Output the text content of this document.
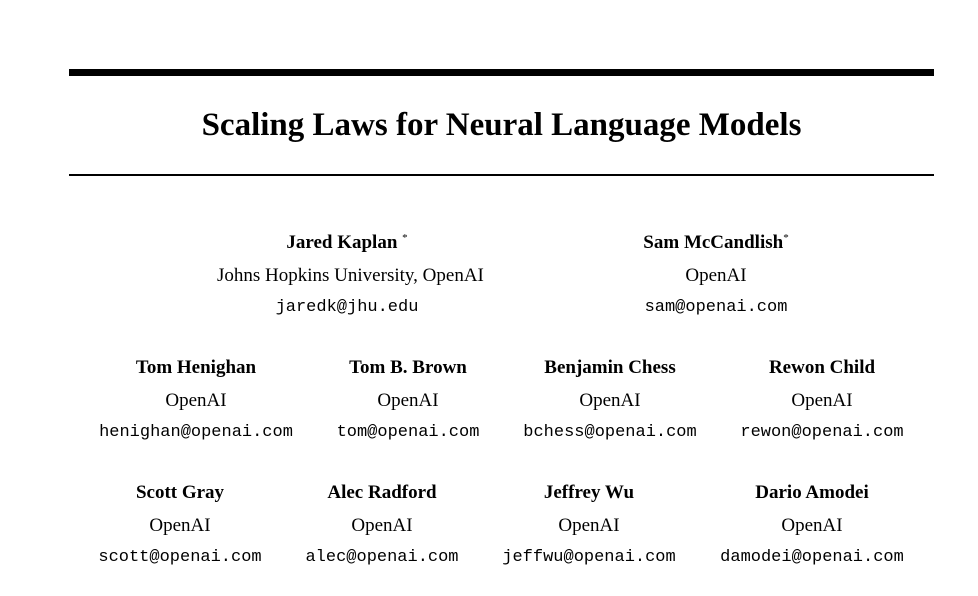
Scaling Laws for Neural Language Models
Jared Kaplan *
Johns Hopkins University, OpenAI
jaredk@jhu.edu
Sam McCandlish*
OpenAI
sam@openai.com
Tom Henighan
OpenAI
henighan@openai.com
Tom B. Brown
OpenAI
tom@openai.com
Benjamin Chess
OpenAI
bchess@openai.com
Rewon Child
OpenAI
rewon@openai.com
Scott Gray
OpenAI
scott@openai.com
Alec Radford
OpenAI
alec@openai.com
Jeffrey Wu
OpenAI
jeffwu@openai.com
Dario Amodei
OpenAI
damodei@openai.com
